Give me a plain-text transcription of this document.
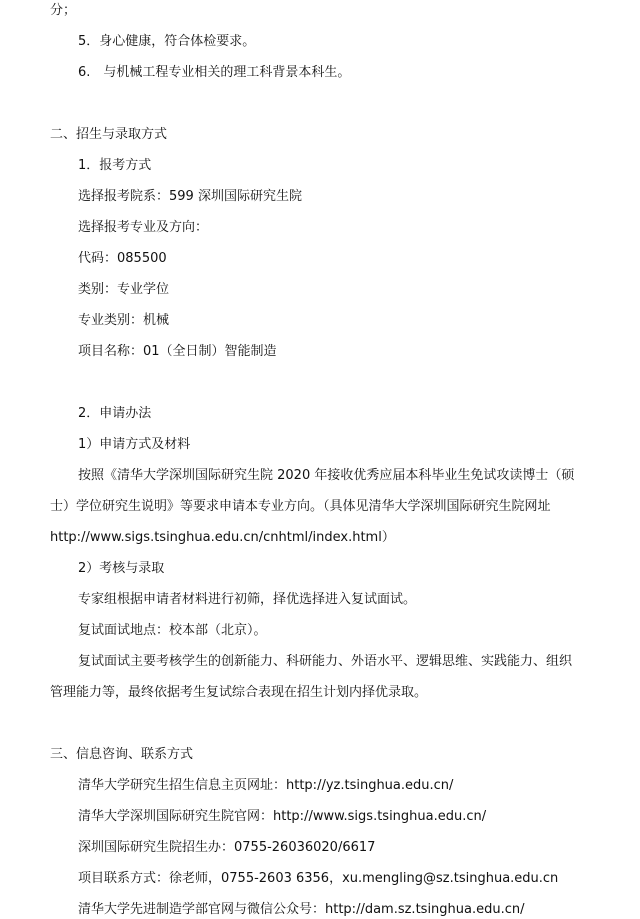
分；
5．身心健康，符合体检要求。
6.　与机械工程专业相关的理工科背景本科生。
二、招生与录取方式
1．报考方式
选择报考院系：599 深圳国际研究生院
选择报考专业及方向：
代码：085500
类别：专业学位
专业类别：机械
项目名称：01（全日制）智能制造
2．申请办法
1）申请方式及材料
按照《清华大学深圳国际研究生院 2020 年接收优秀应届本科毕业生免试攻读博士（硕
士）学位研究生说明》等要求申请本专业方向。（具体见清华大学深圳国际研究生院网址
http://www.sigs.tsinghua.edu.cn/cnhtml/index.html）
2）考核与录取
专家组根据申请者材料进行初筛，择优选择进入复试面试。
复试面试地点：校本部（北京）。
复试面试主要考核学生的创新能力、科研能力、外语水平、逻辑思维、实践能力、组织
管理能力等，最终依据考生复试综合表现在招生计划内择优录取。
三、信息咨询、联系方式
清华大学研究生招生信息主页网址：http://yz.tsinghua.edu.cn/
清华大学深圳国际研究生院官网：http://www.sigs.tsinghua.edu.cn/
深圳国际研究生院招生办：0755-26036020/6617
项目联系方式：徐老师，0755-2603 6356，xu.mengling@sz.tsinghua.edu.cn
清华大学先进制造学部官网与微信公众号：http://dam.sz.tsinghua.edu.cn/
